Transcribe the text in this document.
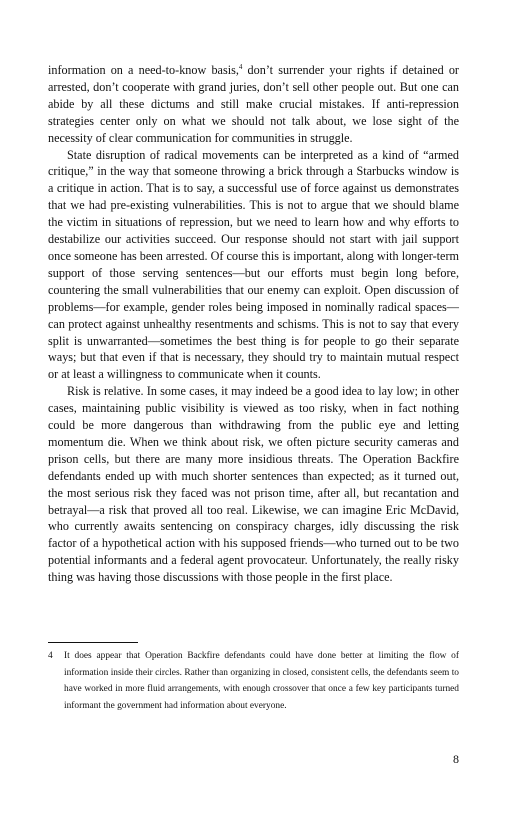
information on a need-to-know basis,$^4$ don’t surrender your rights if detained or arrested, don’t cooperate with grand juries, don’t sell other people out. But one can abide by all these dictums and still make crucial mistakes. If anti-repression strategies center only on what we should not talk about, we lose sight of the necessity of clear communication for communities in struggle.

State disruption of radical movements can be interpreted as a kind of “armed critique,” in the way that someone throwing a brick through a Starbucks window is a critique in action. That is to say, a successful use of force against us demonstrates that we had pre-existing vulnerabilities. This is not to argue that we should blame the victim in situations of repression, but we need to learn how and why efforts to destabilize our activities succeed. Our response should not start with jail support once someone has been arrested. Of course this is important, along with longer-term support of those serving sentences—but our efforts must begin long before, countering the small vulnerabilities that our enemy can exploit. Open discussion of problems—for example, gender roles being imposed in nominally radical spaces—can protect against unhealthy resentments and schisms. This is not to say that every split is unwarranted—sometimes the best thing is for people to go their separate ways; but that even if that is necessary, they should try to maintain mutual respect or at least a willingness to communicate when it counts.

Risk is relative. In some cases, it may indeed be a good idea to lay low; in other cases, maintaining public visibility is viewed as too risky, when in fact nothing could be more dangerous than withdrawing from the public eye and letting momentum die. When we think about risk, we often picture security cameras and prison cells, but there are many more insidious threats. The Operation Backfire defendants ended up with much shorter sentences than expected; as it turned out, the most serious risk they faced was not prison time, after all, but recantation and betrayal—a risk that proved all too real. Likewise, we can imagine Eric McDavid, who currently awaits sentencing on conspiracy charges, idly discussing the risk factor of a hypothetical action with his supposed friends—who turned out to be two potential informants and a federal agent provocateur. Unfortunately, the really risky thing was having those discussions with those people in the first place.

4	It does appear that Operation Backfire defendants could have done better at limiting the flow of information inside their circles. Rather than organizing in closed, consistent cells, the defendants seem to have worked in more fluid arrangements, with enough crossover that once a few key participants turned informant the government had information about everyone.
8
